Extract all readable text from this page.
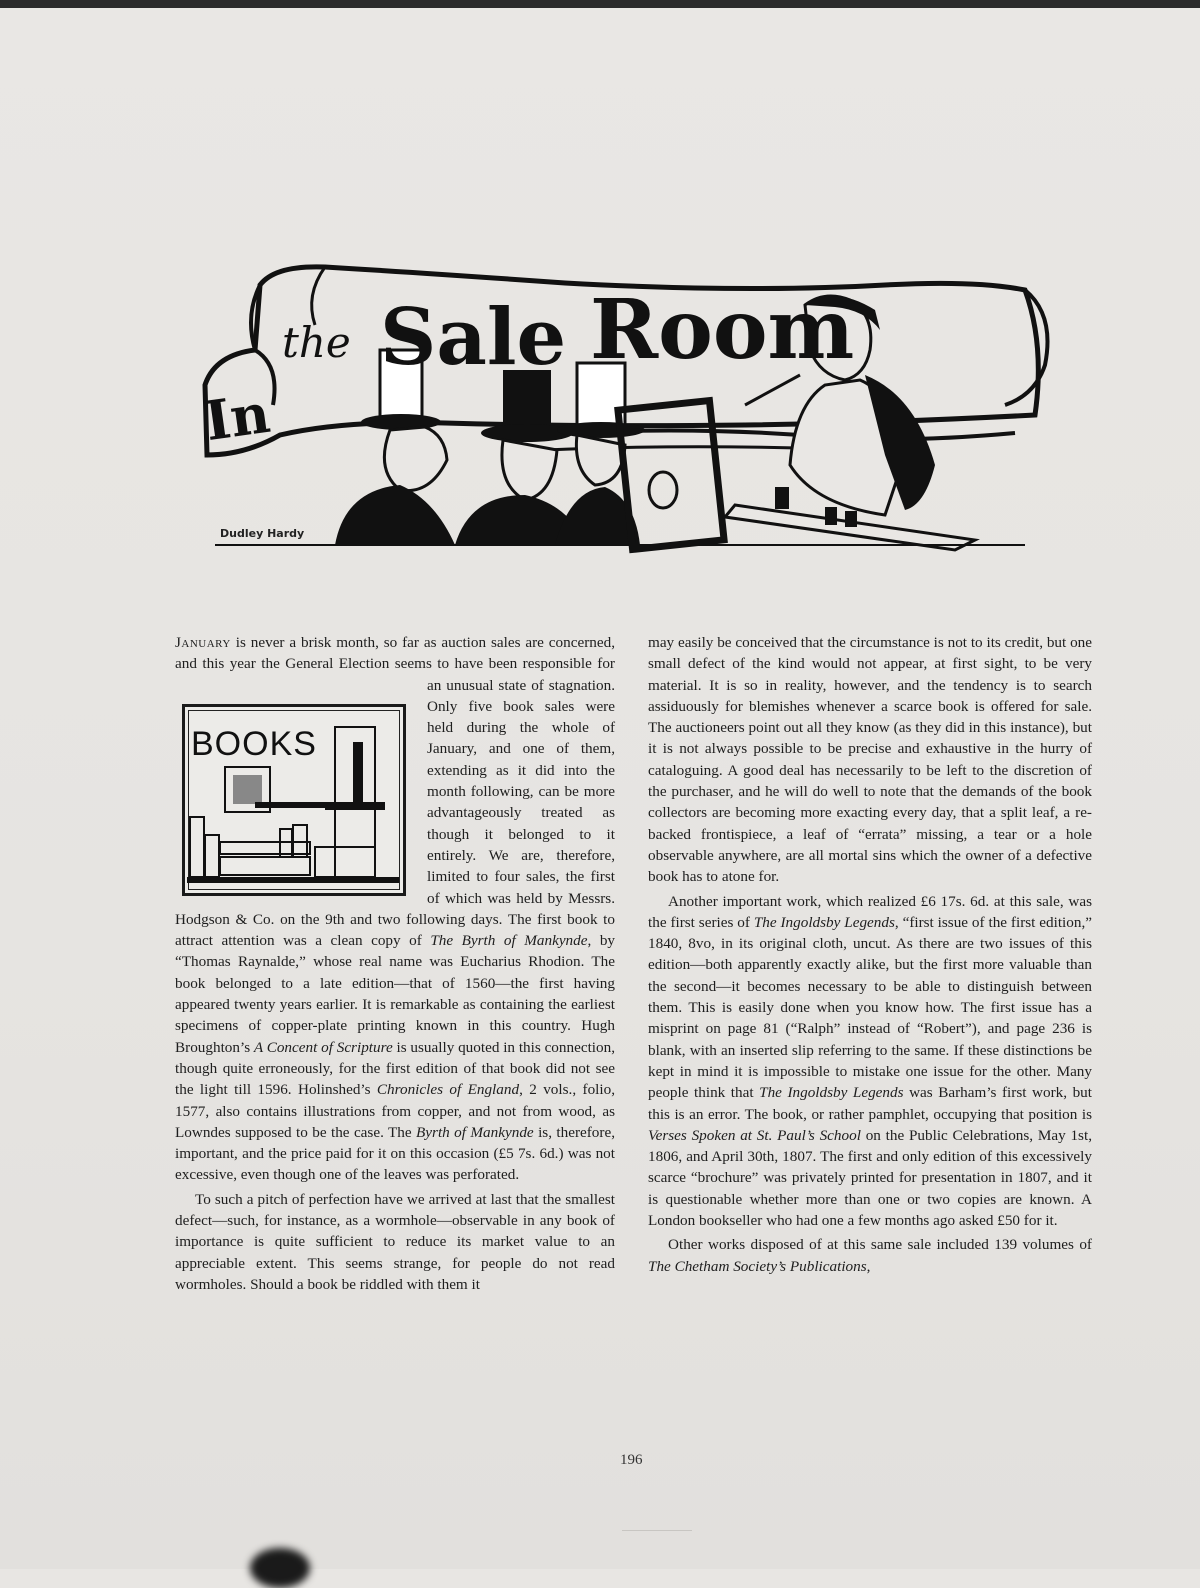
In
the Sale Room
Dudley Hardy

January is never a brisk month, so far as auction sales are concerned, and this year the General Election seems to have been responsible for an unusual state of stagnation. Only five book sales were held during the whole of January, and one of them, extending as it did into the month following, can be more advantageously treated as though it belonged to it entirely. We are, therefore, limited to four sales, the first of which was held by Messrs. Hodgson & Co. on the 9th and two following days. The first book to attract attention was a clean copy of The Byrth of Mankynde, by “Thomas Raynalde,” whose real name was Eucharius Rhodion. The book belonged to a late edition—that of 1560—the first having appeared twenty years earlier. It is remarkable as containing the earliest specimens of copper-plate printing known in this country. Hugh Broughton’s A Concent of Scripture is usually quoted in this connection, though quite erroneously, for the first edition of that book did not see the light till 1596. Holinshed’s Chronicles of England, 2 vols., folio, 1577, also contains illustrations from copper, and not from wood, as Lowndes supposed to be the case. The Byrth of Mankynde is, therefore, important, and the price paid for it on this occasion (£5 7s. 6d.) was not excessive, even though one of the leaves was perforated.

To such a pitch of perfection have we arrived at last that the smallest defect—such, for instance, as a wormhole—observable in any book of importance is quite sufficient to reduce its market value to an appreciable extent. This seems strange, for people do not read wormholes. Should a book be riddled with them it

BOOKS

may easily be conceived that the circumstance is not to its credit, but one small defect of the kind would not appear, at first sight, to be very material. It is so in reality, however, and the tendency is to search assiduously for blemishes whenever a scarce book is offered for sale. The auctioneers point out all they know (as they did in this instance), but it is not always possible to be precise and exhaustive in the hurry of cataloguing. A good deal has necessarily to be left to the discretion of the purchaser, and he will do well to note that the demands of the book collectors are becoming more exacting every day, that a split leaf, a re-backed frontispiece, a leaf of “errata” missing, a tear or a hole observable anywhere, are all mortal sins which the owner of a defective book has to atone for.

Another important work, which realized £6 17s. 6d. at this sale, was the first series of The Ingoldsby Legends, “first issue of the first edition,” 1840, 8vo, in its original cloth, uncut. As there are two issues of this edition—both apparently exactly alike, but the first more valuable than the second—it becomes necessary to be able to distinguish between them. This is easily done when you know how. The first issue has a misprint on page 81 (“Ralph” instead of “Robert”), and page 236 is blank, with an inserted slip referring to the same. If these distinctions be kept in mind it is impossible to mistake one issue for the other. Many people think that The Ingoldsby Legends was Barham’s first work, but this is an error. The book, or rather pamphlet, occupying that position is Verses Spoken at St. Paul’s School on the Public Celebrations, May 1st, 1806, and April 30th, 1807. The first and only edition of this excessively scarce “brochure” was privately printed for presentation in 1807, and it is questionable whether more than one or two copies are known. A London bookseller who had one a few months ago asked £50 for it.

Other works disposed of at this same sale included 139 volumes of The Chetham Society’s Publications,

196
